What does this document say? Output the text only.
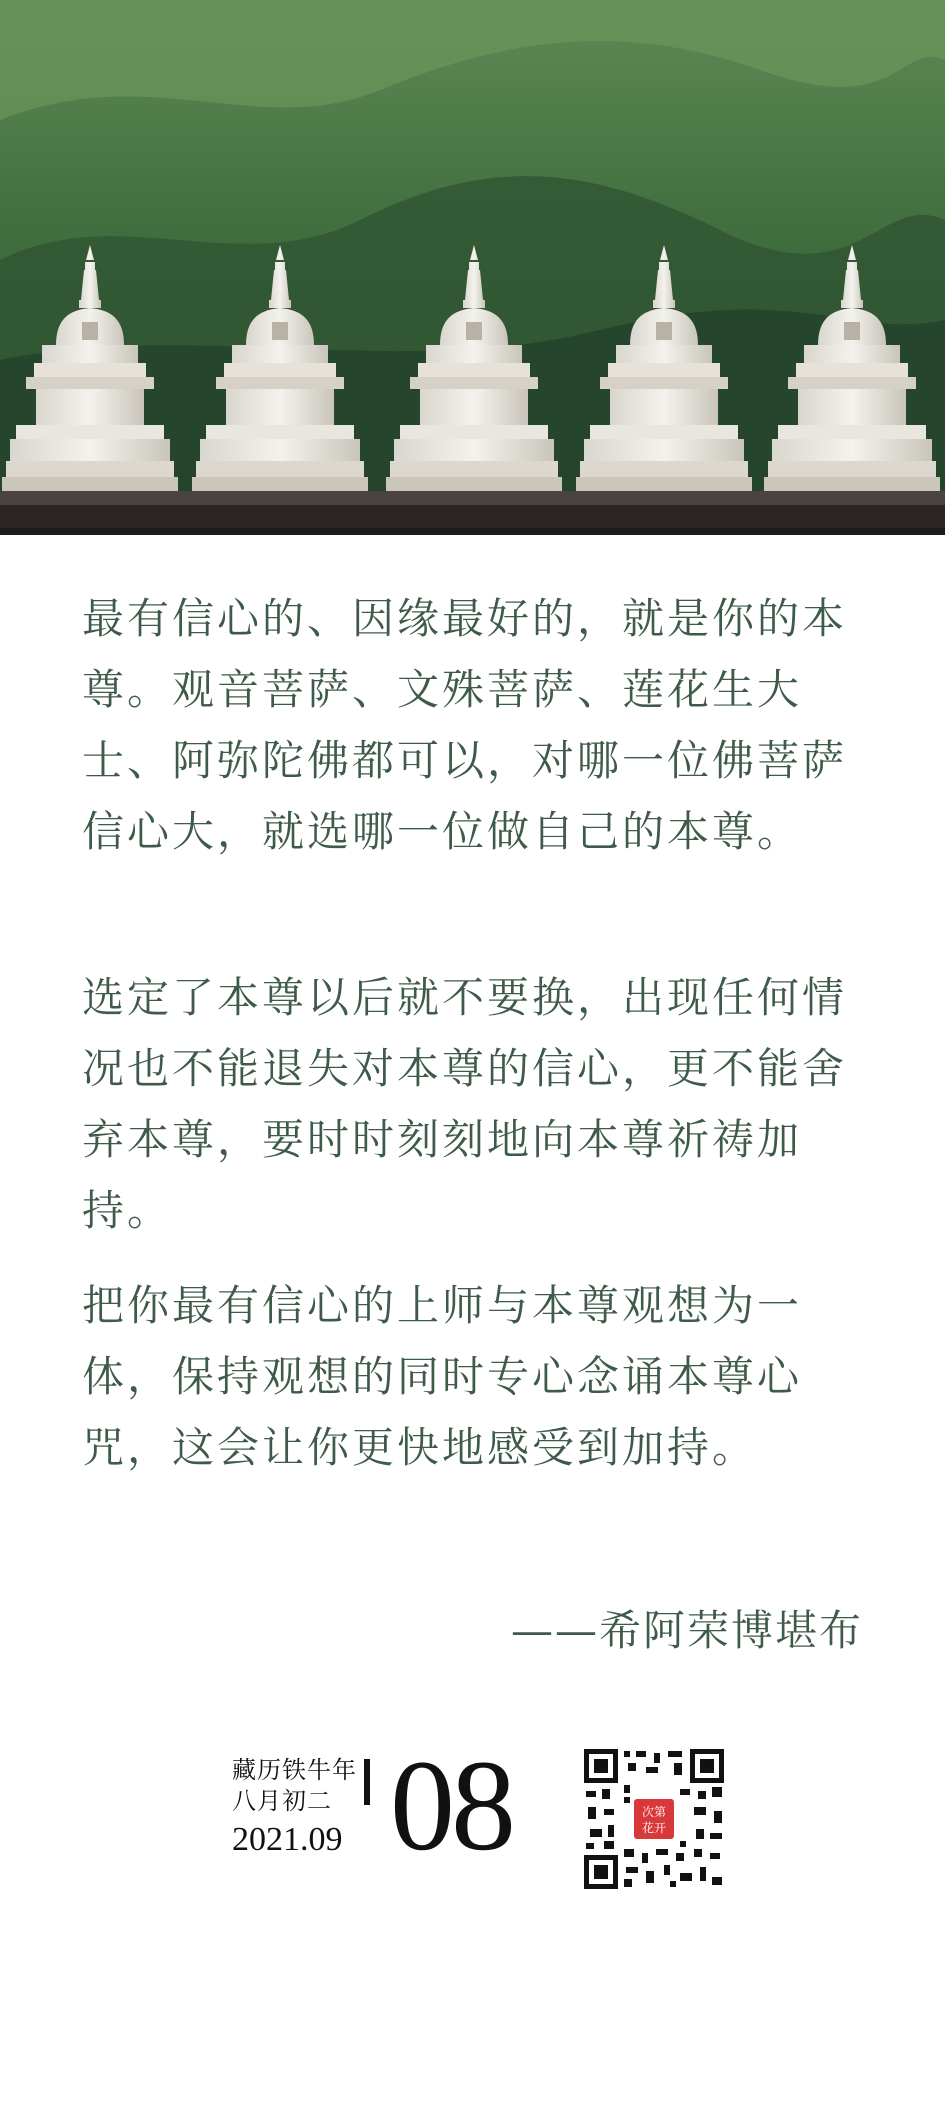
最有信心的、因缘最好的，就是你的本尊。观音菩萨、文殊菩萨、莲花生大士、阿弥陀佛都可以，对哪一位佛菩萨信心大，就选哪一位做自己的本尊。

选定了本尊以后就不要换，出现任何情况也不能退失对本尊的信心，更不能舍弃本尊，要时时刻刻地向本尊祈祷加持。

把你最有信心的上师与本尊观想为一体，保持观想的同时专心念诵本尊心咒，这会让你更快地感受到加持。

——希阿荣博堪布
藏历铁牛年
八月初二
2021.09 08	次第
花开
